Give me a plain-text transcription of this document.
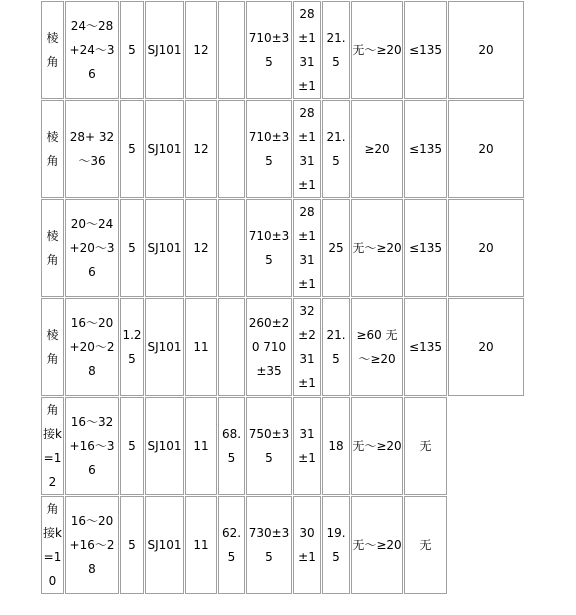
棱角	24～28 +24～36	5	SJ101	12		710±35	28±1 31±1	21.5	无～≥20	≤135	20
棱角	28+ 32～36	5	SJ101	12		710±35	28±1 31±1	21.5	≥20	≤135	20
棱角	20～24 +20～36	5	SJ101	12		710±35	28±1 31±1	25	无～≥20	≤135	20
棱角	16～20 +20～28	1.25	SJ101	11		260±20 710±35	32±2 31±1	21.5	≥60 无～≥20	≤135	20
角接k=12	16～32 +16～36	5	SJ101	11	68.5	750±35	31±1	18	无～≥20	无	
角接k=10	16～20 +16～28	5	SJ101	11	62.5	730±35	30±1	19.5	无～≥20	无	
